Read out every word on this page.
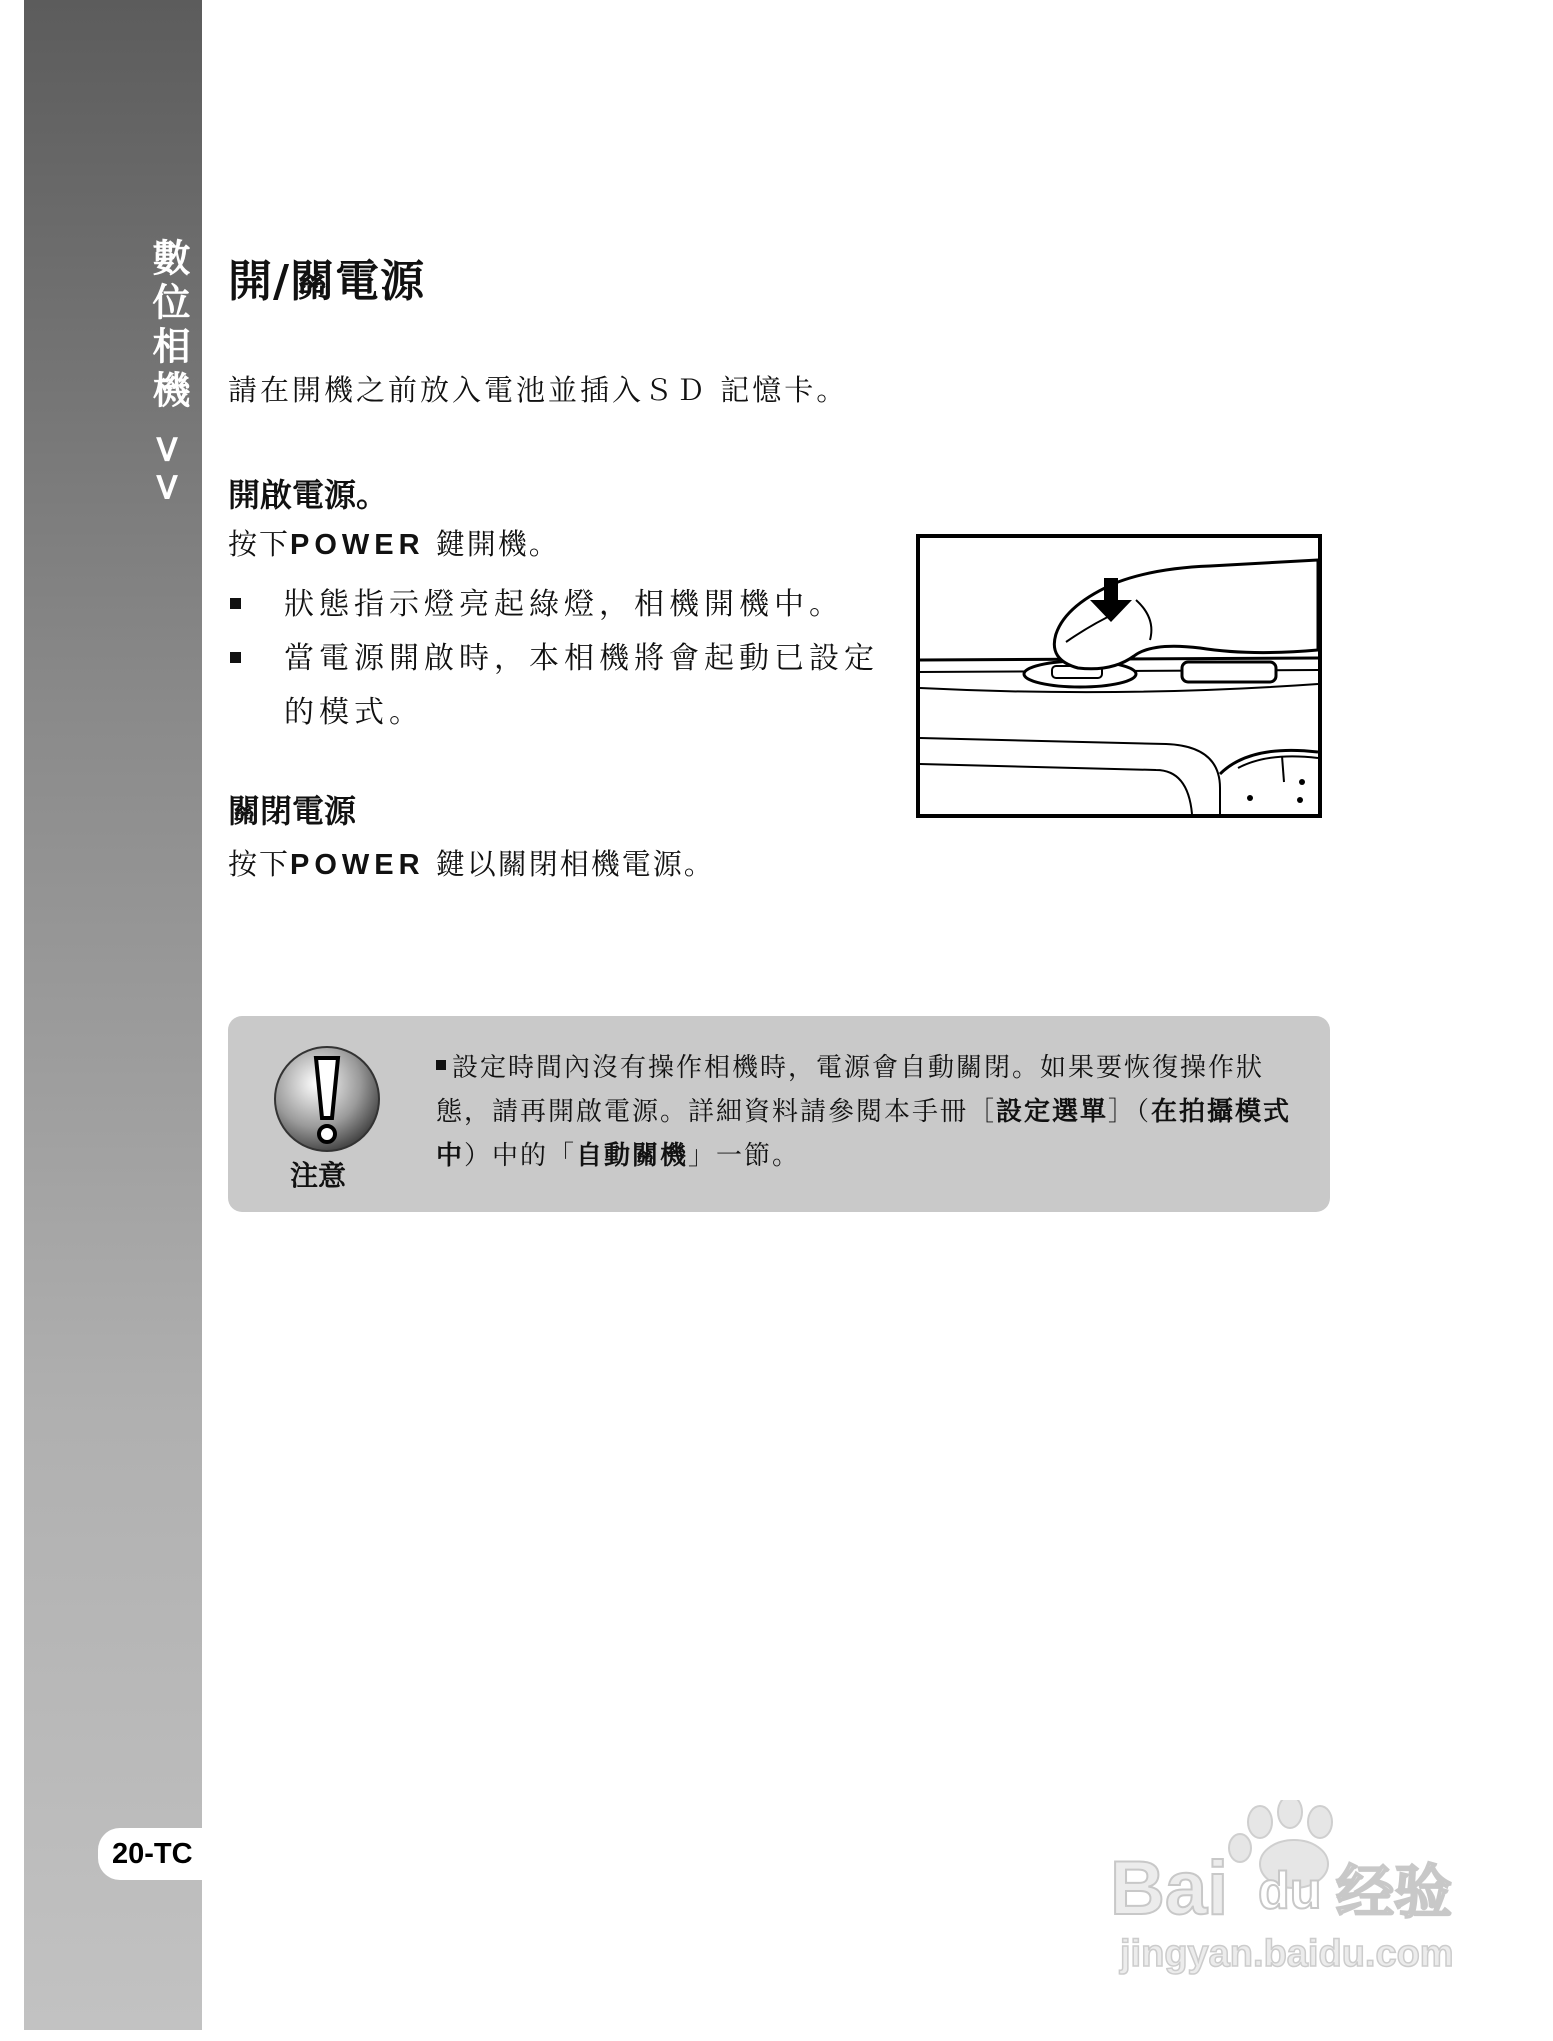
數位相機 >>
20-TC
開/關電源
請在開機之前放入電池並插入ＳＤ 記憶卡。
開啟電源。
按下POWER 鍵開機。
狀態指示燈亮起綠燈，相機開機中。
當電源開啟時，本相機將會起動已設定的模式。
關閉電源
按下POWER 鍵以關閉相機電源。
注意
設定時間內沒有操作相機時，電源會自動關閉。如果要恢復操作狀態，請再開啟電源。詳細資料請參閱本手冊［設定選單］（在拍攝模式中）中的「自動關機」一節。
Bai du 经验
jingyan.baidu.com
